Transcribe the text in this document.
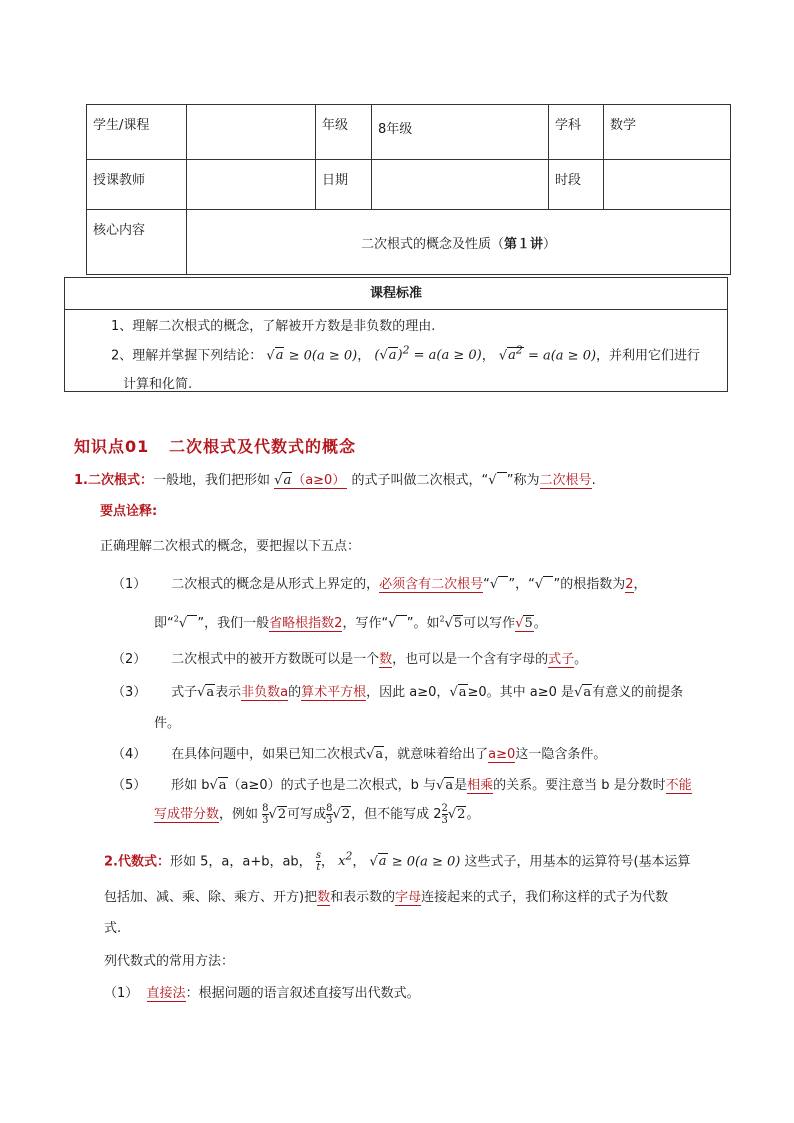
学生/课程		年级	8年级	学科	数学
授课教师		日期		时段	
核心内容	二次根式的概念及性质（第１讲）				
课程标准
1、理解二次根式的概念，了解被开方数是非负数的理由.
2、理解并掌握下列结论： √a ≥ 0(a ≥ 0)， $(√a)^2 = a(a \ge 0)$， $√a^2 = a(a \ge 0)$，并利用它们进行
计算和化简.
知识点01 二次根式及代数式的概念
1.二次根式：一般地，我们把形如 √a（a≥0） 的式子叫做二次根式，“√ ”称为二次根号.
要点诠释:
正确理解二次根式的概念，要把握以下五点：
（1） 二次根式的概念是从形式上界定的，必须含有二次根号“√ ”，“√ ”的根指数为2，
即“$^2$√ ”，我们一般省略根指数2，写作“√ ”。如$^2$√5可以写作√5。
（2） 二次根式中的被开方数既可以是一个数，也可以是一个含有字母的式子。
（3） 式子√a表示非负数a的算术平方根，因此 a≥0，√a≥0。其中 a≥0 是√a有意义的前提条
件。
（4） 在具体问题中，如果已知二次根式√a，就意味着给出了a≥0这一隐含条件。
（5） 形如 b√a（a≥0）的式子也是二次根式，b 与√a是相乘的关系。要注意当 b 是分数时不能
写成带分数，例如 $\frac{8}{3} √2$可写成 $\frac{8}{3} √2$，但不能写成 $2 \frac{2}{3} √2$。
2.代数式：形如 5，a，a+b，ab， $\frac{s}{t}$ ， $x^2$， √a ≥ 0(a ≥ 0) 这些式子，用基本的运算符号(基本运算
包括加、减、乘、除、乘方、开方)把数和表示数的字母连接起来的式子，我们称这样的式子为代数
式.
列代数式的常用方法：
（1） 直接法：根据问题的语言叙述直接写出代数式。
